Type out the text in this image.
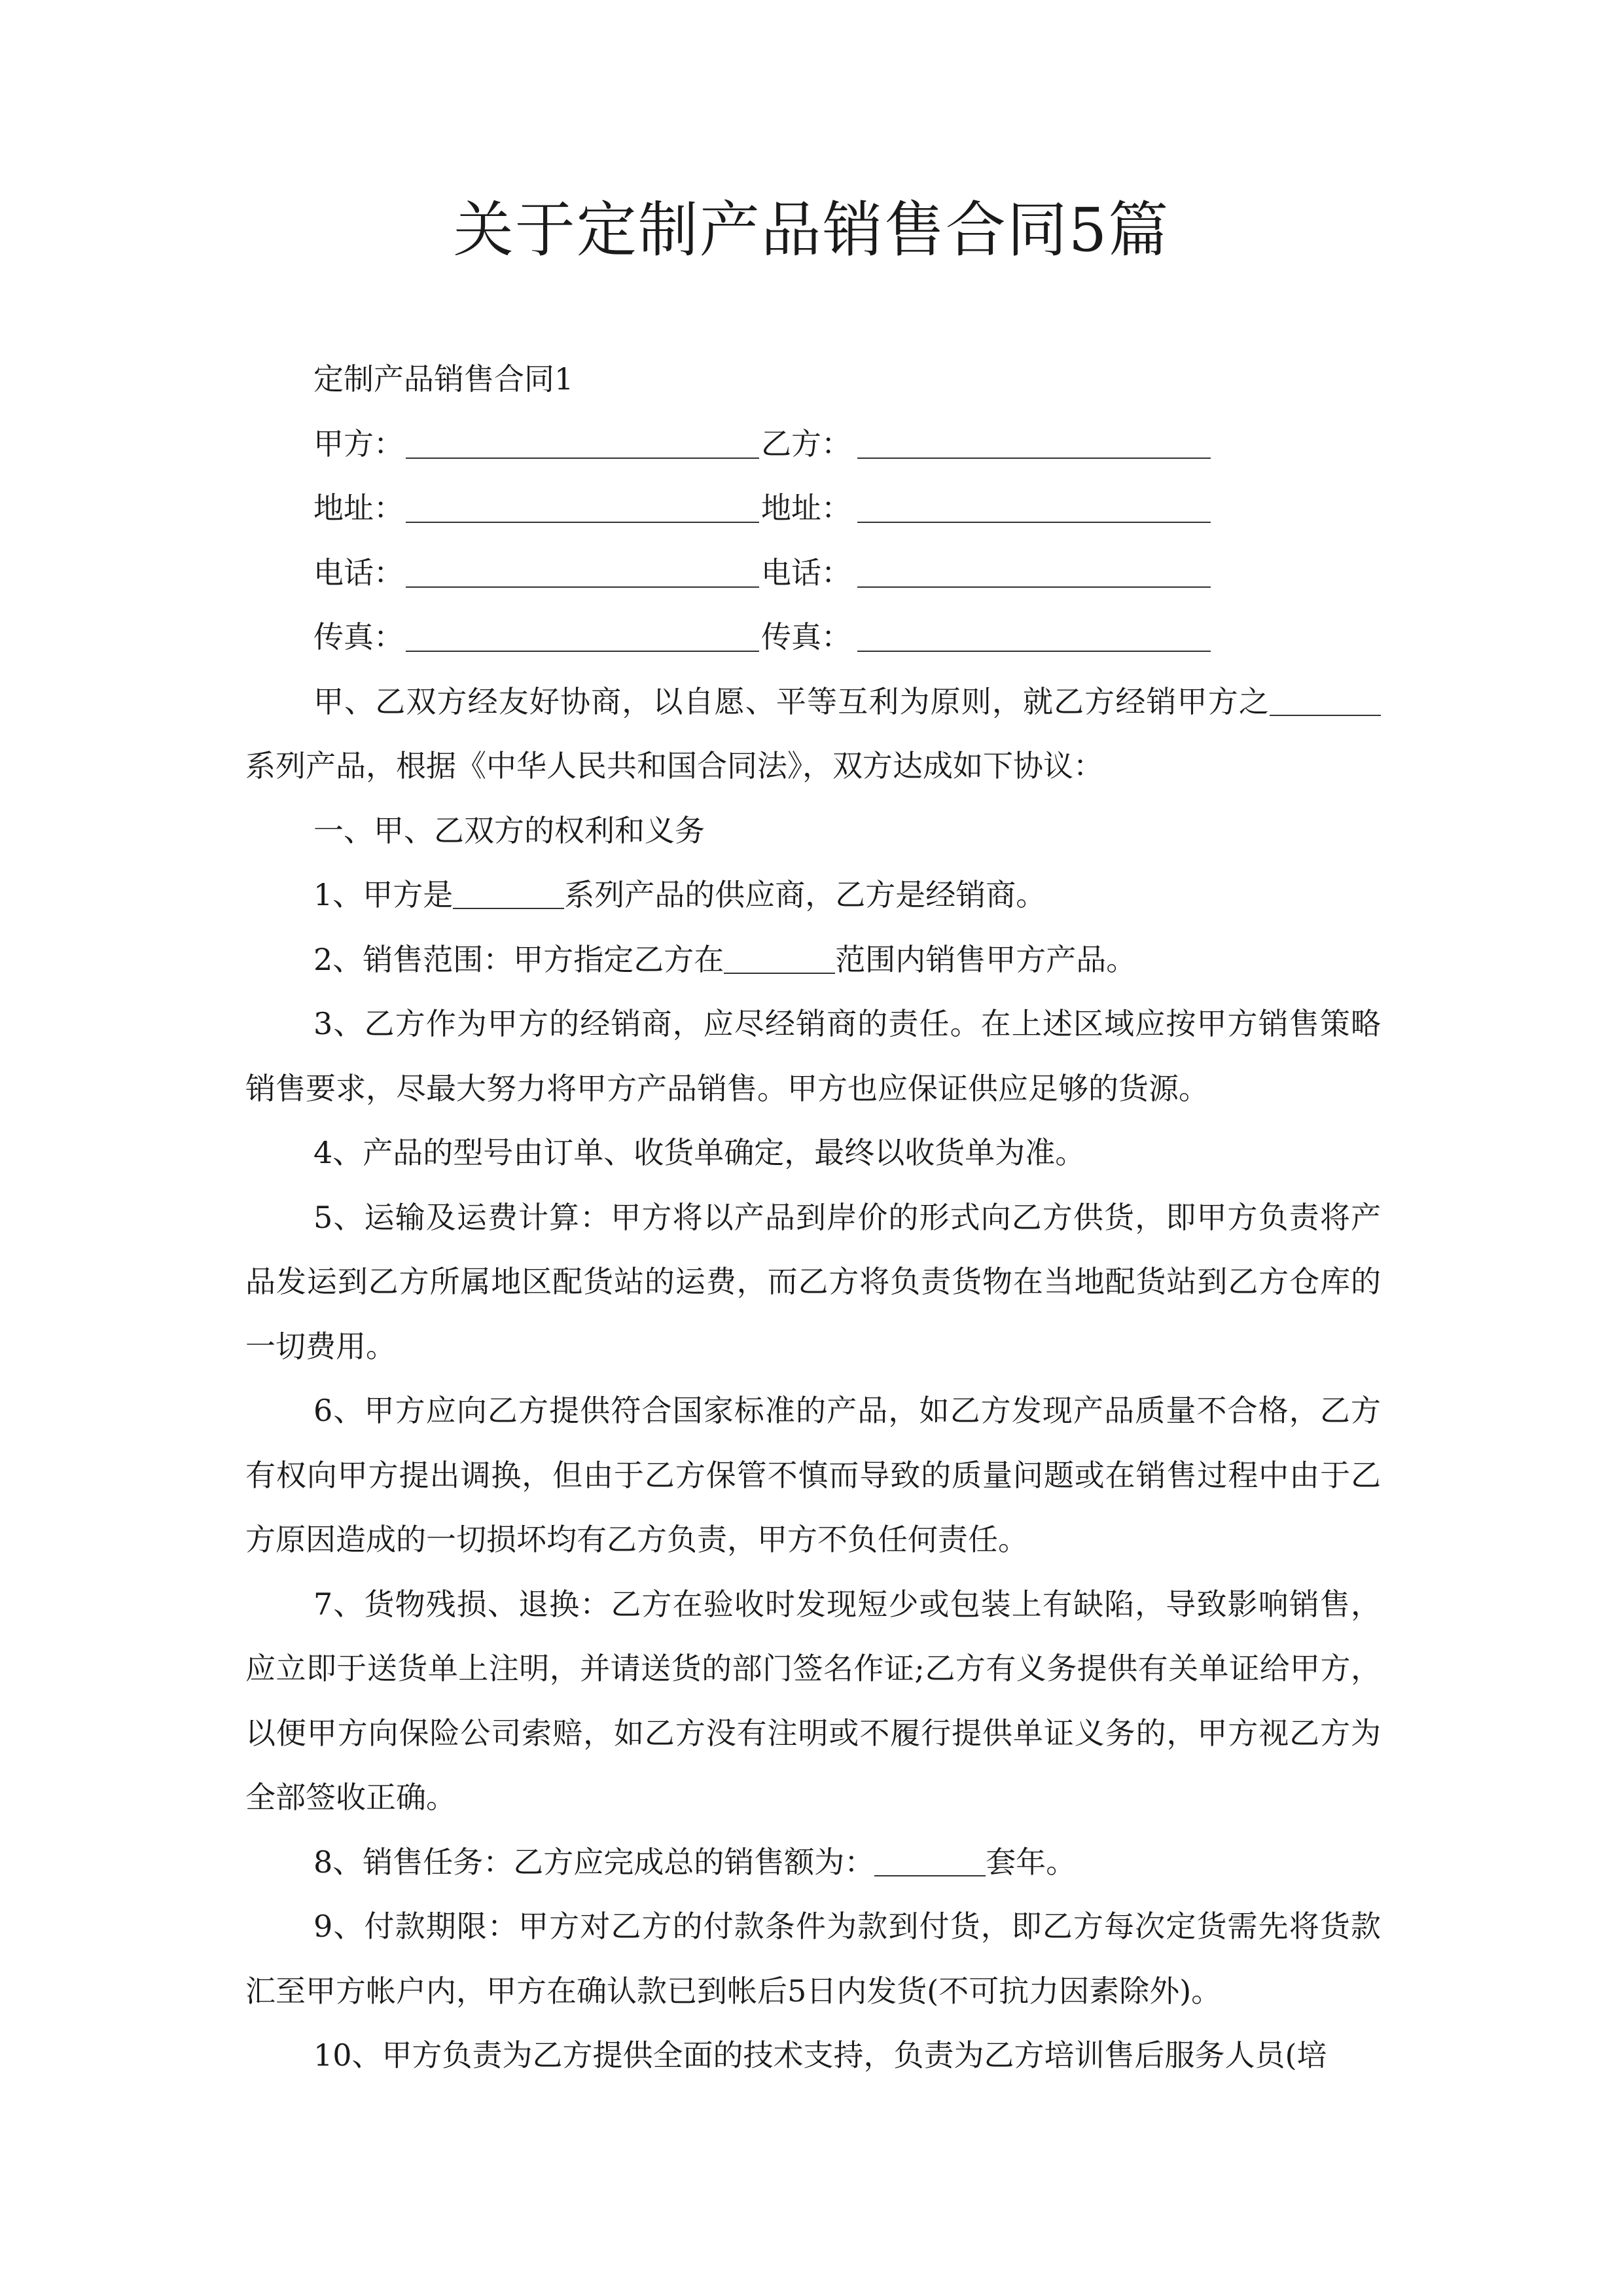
关于定制产品销售合同5篇

定制产品销售合同1

甲方：	乙方：
地址：	地址：
电话：	电话：
传真：	传真：

甲、乙双方经友好协商，以自愿、平等互利为原则，就乙方经销甲方之系列产品，根据《中华人民共和国合同法》，双方达成如下协议：

一、甲、乙双方的权利和义务

1、甲方是	系列产品的供应商，乙方是经销商。

2、销售范围：甲方指定乙方在	范围内销售甲方产品。

3、乙方作为甲方的经销商，应尽经销商的责任。在上述区域应按甲方销售策略销售要求，尽最大努力将甲方产品销售。甲方也应保证供应足够的货源。

4、产品的型号由订单、收货单确定，最终以收货单为准。

5、运输及运费计算：甲方将以产品到岸价的形式向乙方供货，即甲方负责将产品发运到乙方所属地区配货站的运费，而乙方将负责货物在当地配货站到乙方仓库的一切费用。

6、甲方应向乙方提供符合国家标准的产品，如乙方发现产品质量不合格，乙方有权向甲方提出调换，但由于乙方保管不慎而导致的质量问题或在销售过程中由于乙方原因造成的一切损坏均有乙方负责，甲方不负任何责任。

7、货物残损、退换：乙方在验收时发现短少或包装上有缺陷，导致影响销售，应立即于送货单上注明，并请送货的部门签名作证;乙方有义务提供有关单证给甲方，以便甲方向保险公司索赔，如乙方没有注明或不履行提供单证义务的，甲方视乙方为全部签收正确。

8、销售任务：乙方应完成总的销售额为：	套年。

9、付款期限：甲方对乙方的付款条件为款到付货，即乙方每次定货需先将货款汇至甲方帐户内，甲方在确认款已到帐后5日内发货(不可抗力因素除外)。

10、甲方负责为乙方提供全面的技术支持，负责为乙方培训售后服务人员(培
